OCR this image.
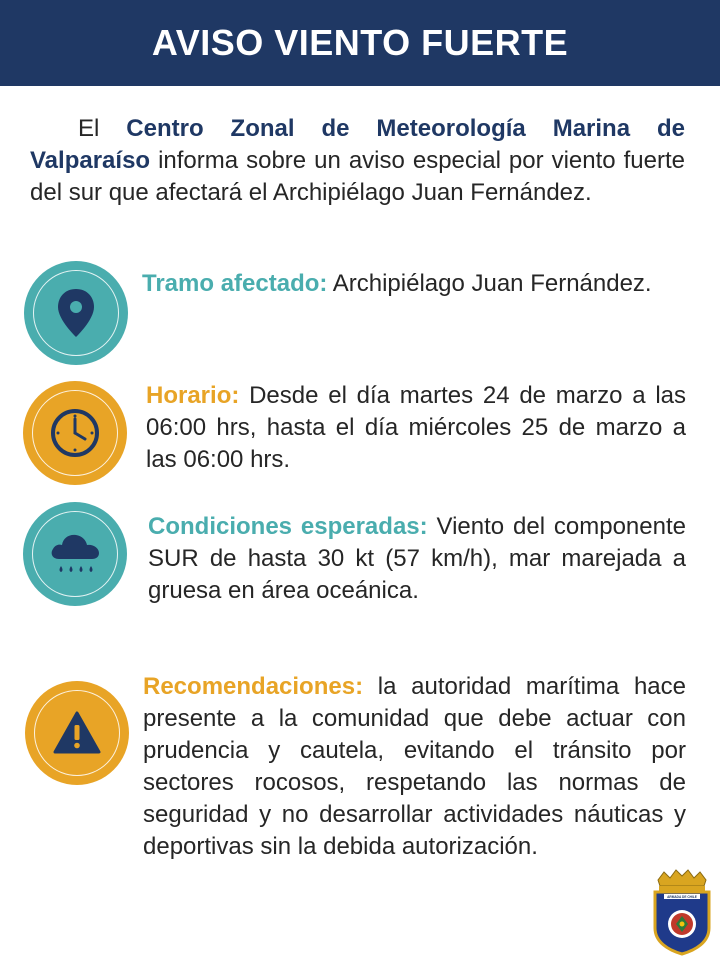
AVISO VIENTO FUERTE
El Centro Zonal de Meteorología Marina de Valparaíso informa sobre un aviso especial por viento fuerte del sur que afectará el Archipiélago Juan Fernández.
Tramo afectado: Archipiélago Juan Fernández.
Horario: Desde el día martes 24 de marzo a las 06:00 hrs, hasta el día miércoles 25 de marzo a las 06:00 hrs.
Condiciones esperadas: Viento del componente SUR de hasta 30 kt (57 km/h), mar marejada a gruesa en área oceánica.
Recomendaciones: la autoridad marítima hace presente a la comunidad que debe actuar con prudencia y cautela, evitando el tránsito por sectores rocosos, respetando las normas de seguridad y no desarrollar actividades náuticas y deportivas sin la debida autorización.
ARMADA DE CHILE
